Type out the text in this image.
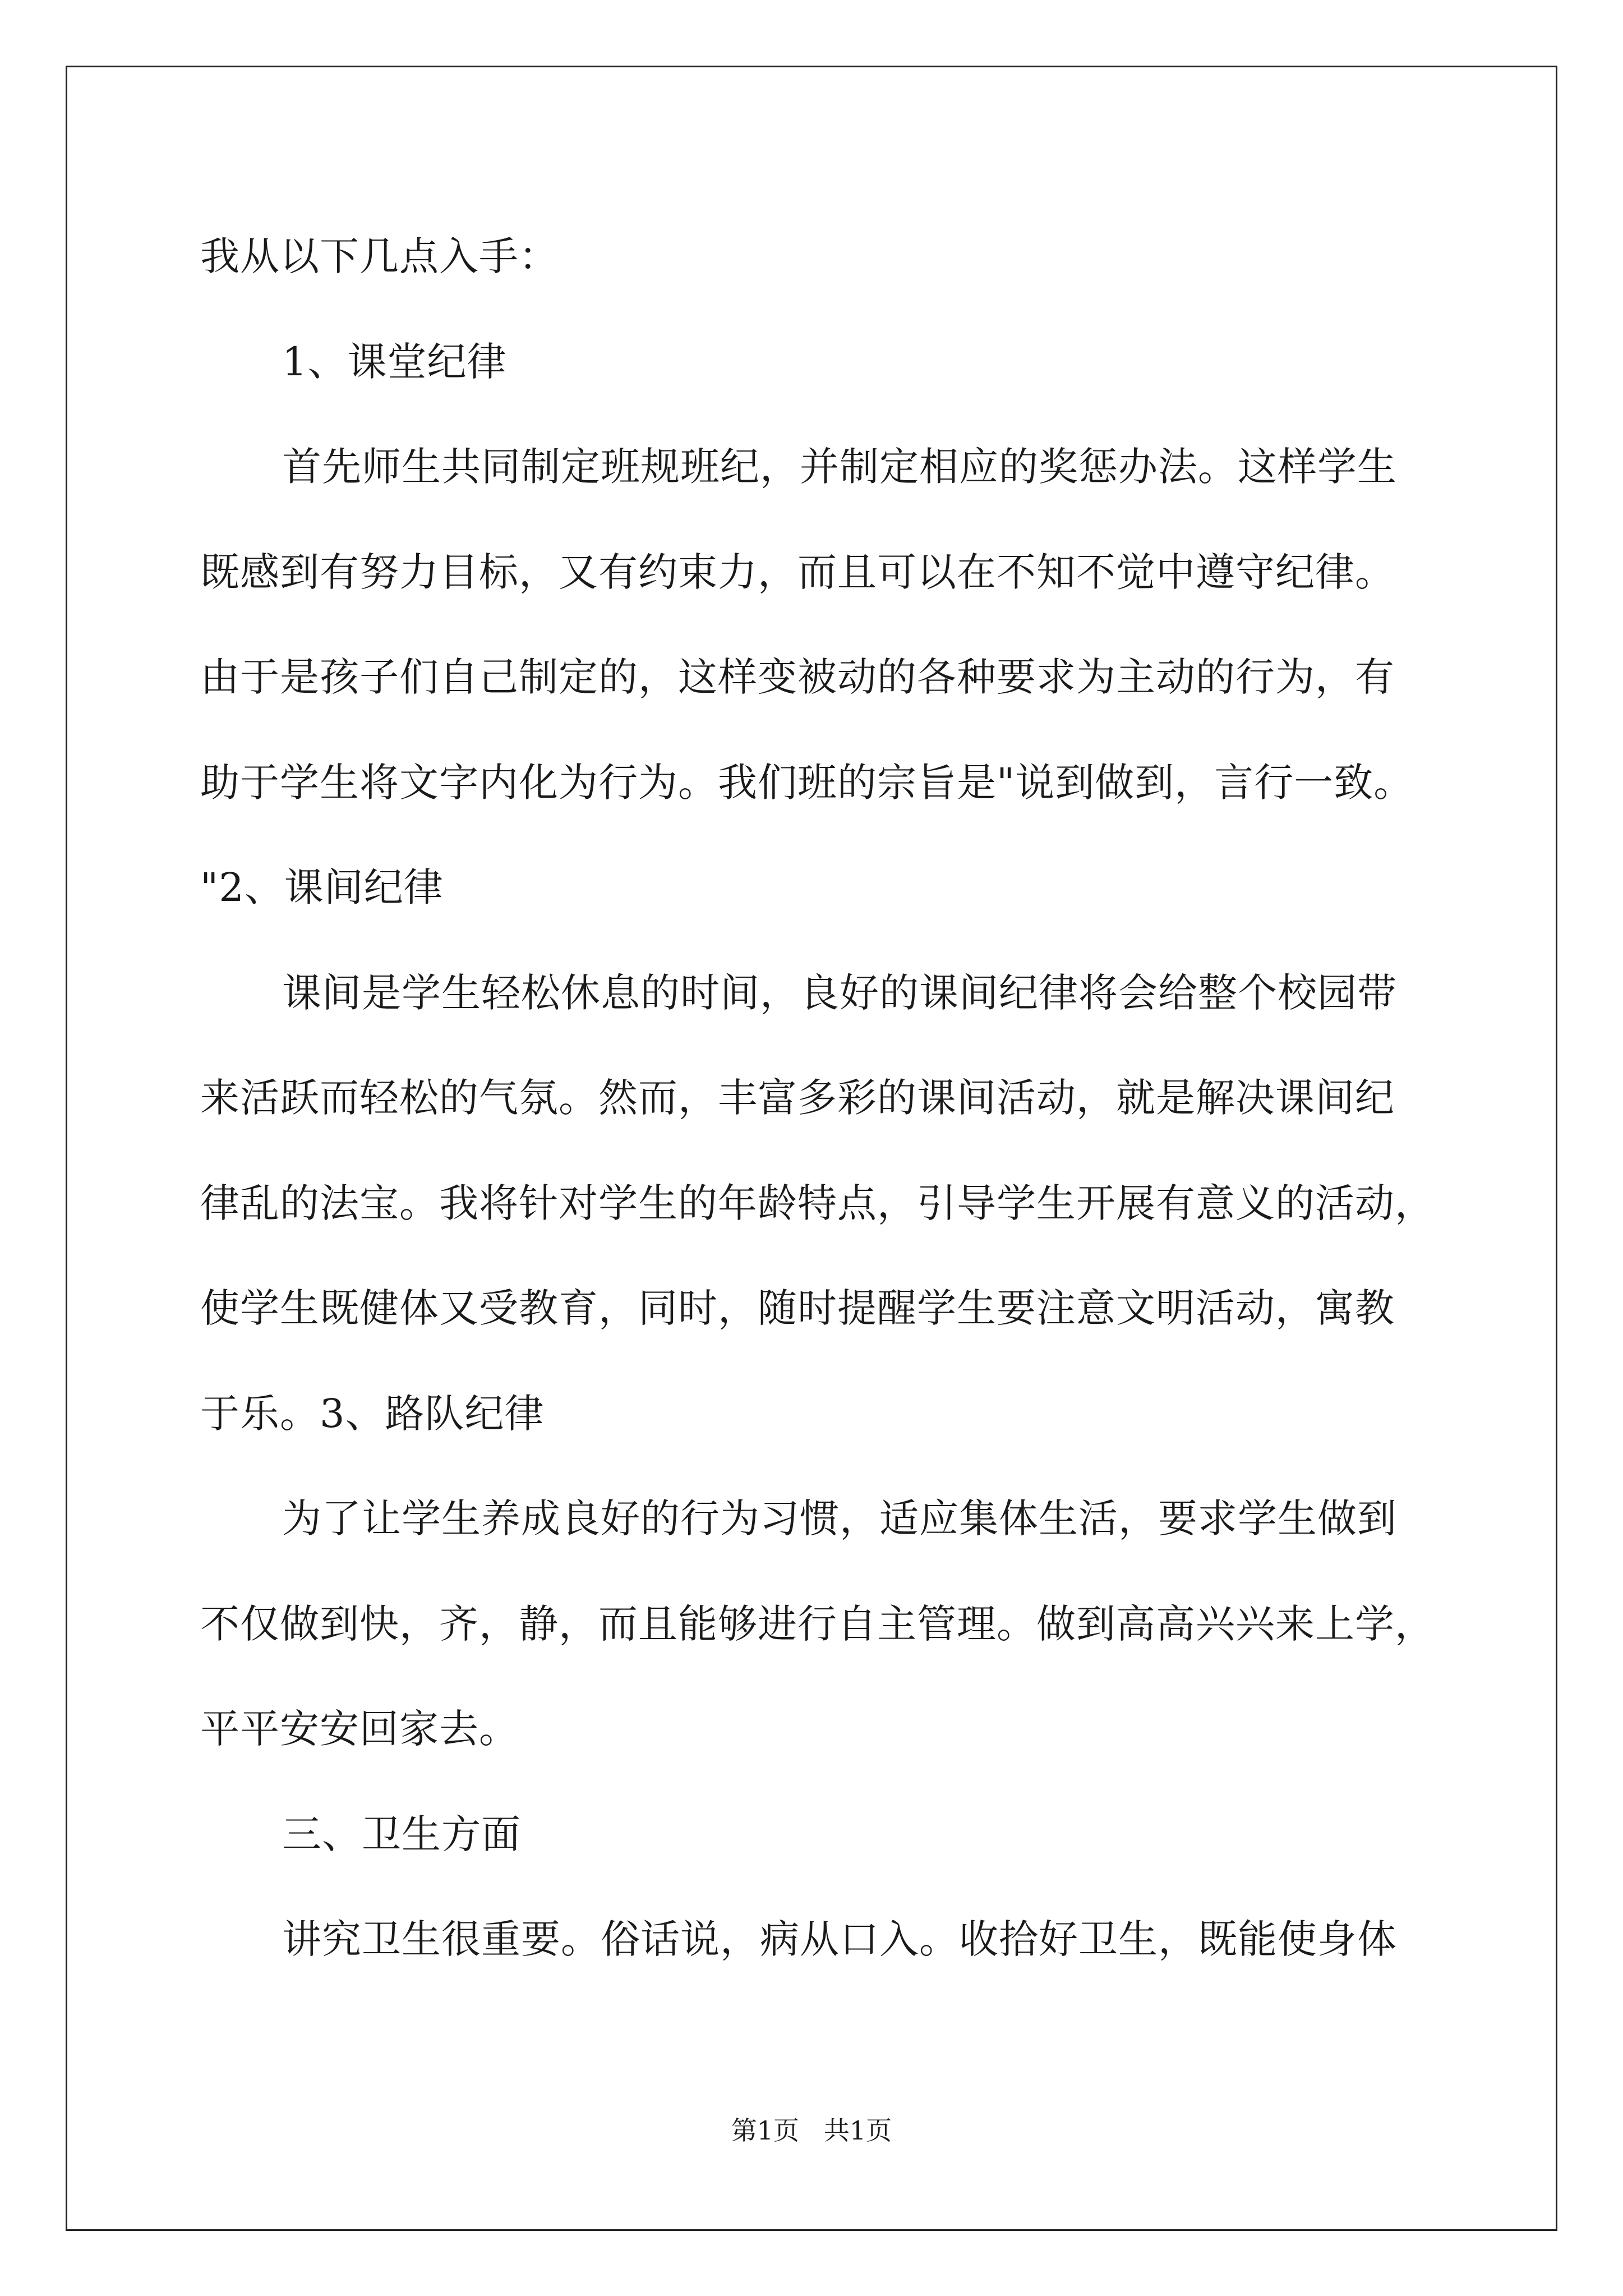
我从以下几点入手：
1、课堂纪律
首先师生共同制定班规班纪，并制定相应的奖惩办法。这样学生
既感到有努力目标，又有约束力，而且可以在不知不觉中遵守纪律。
由于是孩子们自己制定的，这样变被动的各种要求为主动的行为，有
助于学生将文字内化为行为。我们班的宗旨是"说到做到，言行一致。
"2、课间纪律
课间是学生轻松休息的时间，良好的课间纪律将会给整个校园带
来活跃而轻松的气氛。然而，丰富多彩的课间活动，就是解决课间纪
律乱的法宝。我将针对学生的年龄特点，引导学生开展有意义的活动，
使学生既健体又受教育，同时，随时提醒学生要注意文明活动，寓教
于乐。3、路队纪律
为了让学生养成良好的行为习惯，适应集体生活，要求学生做到
不仅做到快，齐，静，而且能够进行自主管理。做到高高兴兴来上学，
平平安安回家去。
三、卫生方面
讲究卫生很重要。俗话说，病从口入。收拾好卫生，既能使身体
第1页   共1页
